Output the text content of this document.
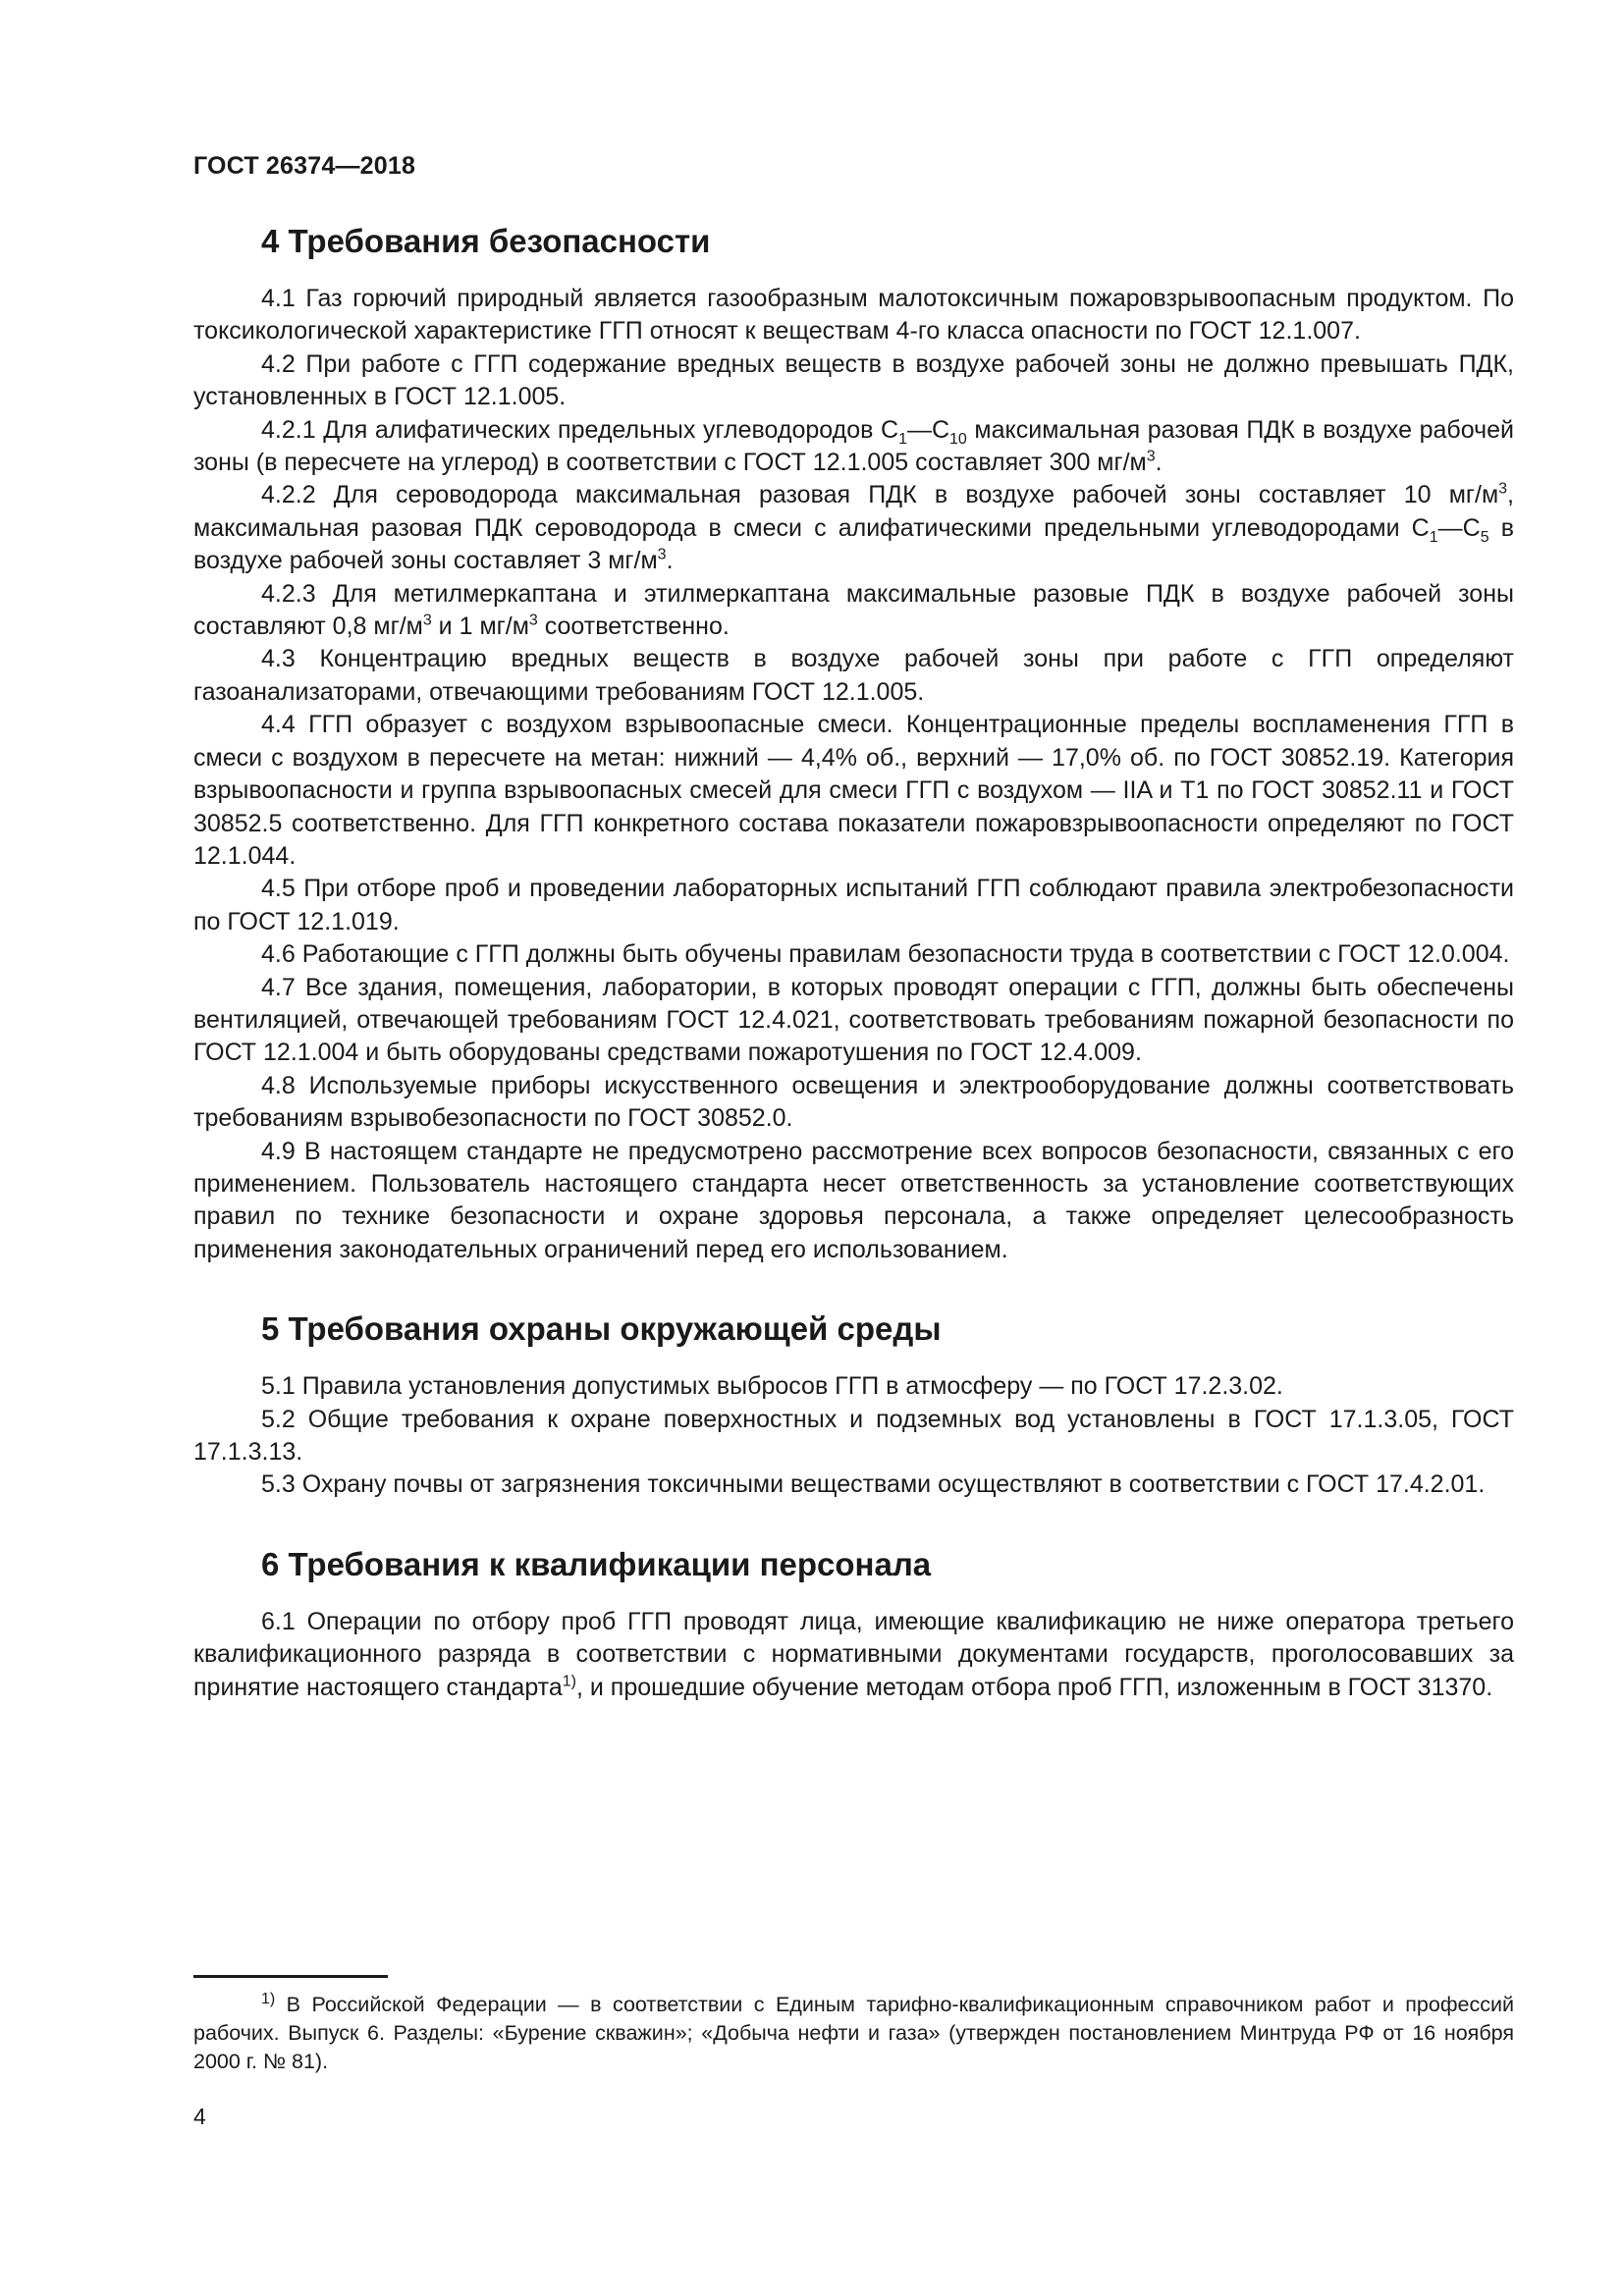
ГОСТ 26374—2018
4 Требования безопасности

4.1 Газ горючий природный является газообразным малотоксичным пожаровзрывоопасным продуктом. По токсикологической характеристике ГГП относят к веществам 4-го класса опасности по ГОСТ 12.1.007.

4.2 При работе с ГГП содержание вредных веществ в воздухе рабочей зоны не должно превышать ПДК, установленных в ГОСТ 12.1.005.

4.2.1 Для алифатических предельных углеводородов $С_1—С_{10}$ максимальная разовая ПДК в воздухе рабочей зоны (в пересчете на углерод) в соответствии с ГОСТ 12.1.005 составляет 300 $мг/м^3$.

4.2.2 Для сероводорода максимальная разовая ПДК в воздухе рабочей зоны составляет 10 $мг/м^3$, максимальная разовая ПДК сероводорода в смеси с алифатическими предельными углеводородами $С_1—С_5$ в воздухе рабочей зоны составляет 3 $мг/м^3$.

4.2.3 Для метилмеркаптана и этилмеркаптана максимальные разовые ПДК в воздухе рабочей зоны составляют 0,8 $мг/м^3$ и 1 $мг/м^3$ соответственно.

4.3 Концентрацию вредных веществ в воздухе рабочей зоны при работе с ГГП определяют газоанализаторами, отвечающими требованиям ГОСТ 12.1.005.

4.4 ГГП образует с воздухом взрывоопасные смеси. Концентрационные пределы воспламенения ГГП в смеси с воздухом в пересчете на метан: нижний — 4,4% об., верхний — 17,0% об. по ГОСТ 30852.19. Категория взрывоопасности и группа взрывоопасных смесей для смеси ГГП с воздухом — IIA и Т1 по ГОСТ 30852.11 и ГОСТ 30852.5 соответственно. Для ГГП конкретного состава показатели пожаровзрывоопасности определяют по ГОСТ 12.1.044.

4.5 При отборе проб и проведении лабораторных испытаний ГГП соблюдают правила электробезопасности по ГОСТ 12.1.019.

4.6 Работающие с ГГП должны быть обучены правилам безопасности труда в соответствии с ГОСТ 12.0.004.

4.7 Все здания, помещения, лаборатории, в которых проводят операции с ГГП, должны быть обеспечены вентиляцией, отвечающей требованиям ГОСТ 12.4.021, соответствовать требованиям пожарной безопасности по ГОСТ 12.1.004 и быть оборудованы средствами пожаротушения по ГОСТ 12.4.009.

4.8 Используемые приборы искусственного освещения и электрооборудование должны соответствовать требованиям взрывобезопасности по ГОСТ 30852.0.

4.9 В настоящем стандарте не предусмотрено рассмотрение всех вопросов безопасности, связанных с его применением. Пользователь настоящего стандарта несет ответственность за установление соответствующих правил по технике безопасности и охране здоровья персонала, а также определяет целесообразность применения законодательных ограничений перед его использованием.

5 Требования охраны окружающей среды

5.1 Правила установления допустимых выбросов ГГП в атмосферу — по ГОСТ 17.2.3.02.

5.2 Общие требования к охране поверхностных и подземных вод установлены в ГОСТ 17.1.3.05, ГОСТ 17.1.3.13.

5.3 Охрану почвы от загрязнения токсичными веществами осуществляют в соответствии с ГОСТ 17.4.2.01.

6 Требования к квалификации персонала

6.1 Операции по отбору проб ГГП проводят лица, имеющие квалификацию не ниже оператора третьего квалификационного разряда в соответствии с нормативными документами государств, проголосовавших за принятие настоящего стандарта$^{1)}$, и прошедшие обучение методам отбора проб ГГП, изложенным в ГОСТ 31370.

$^{1)}$ В Российской Федерации — в соответствии с Единым тарифно-квалификационным справочником работ и профессий рабочих. Выпуск 6. Разделы: «Бурение скважин»; «Добыча нефти и газа» (утвержден постановлением Минтруда РФ от 16 ноября 2000 г. № 81).

4
